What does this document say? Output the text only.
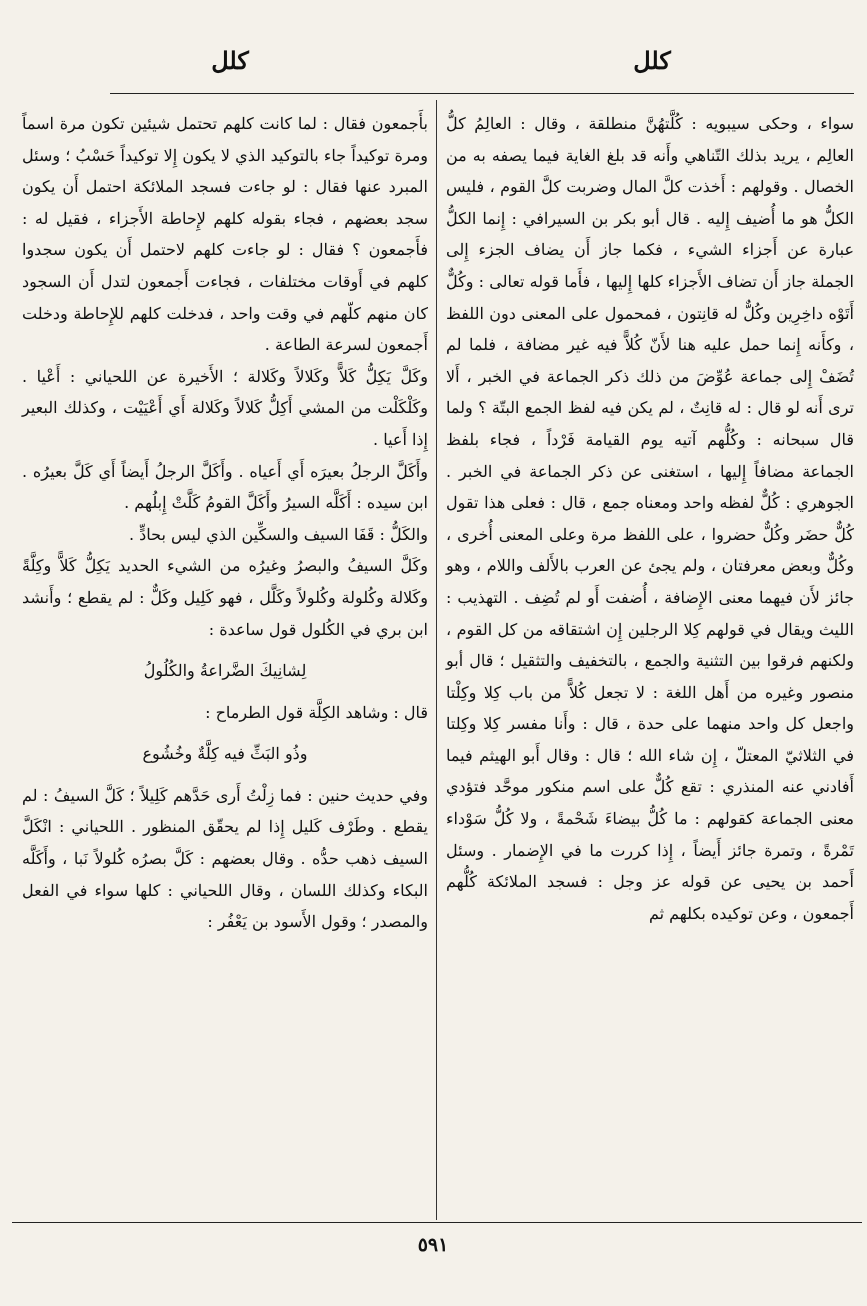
كلل
كلل

سواء ، وحكى سيبويه : كُلَّتهُنَّ منطلقة ، وقال : العالِمُ كلُّ العالِم ، يريد بذلك التّناهي وأَنه قد بلغ الغاية فيما يصفه به من الخصال . وقولهم : أَخذت كلَّ المال وضربت كلَّ القوم ، فليس الكلُّ هو ما أُضيف إِليه . قال أبو بكر بن السيرافي : إِنما الكلُّ عبارة عن أَجزاء الشيء ، فكما جاز أَن يضاف الجزء إِلى الجملة جاز أَن تضاف الأَجزاء كلها إِليها ، فأَما قوله تعالى : وكُلٌّ أَتَوْه داخِرِين وكُلٌّ له قانِتون ، فمحمول على المعنى دون اللفظ ، وكأَنه إِنما حمل عليه هنا لأَنّ كُلاًّ فيه غير مضافة ، فلما لم تُضَفْ إِلى جماعة عُوِّضَ من ذلك ذكر الجماعة في الخبر ، أَلا ترى أَنه لو قال : له قانِتٌ ، لم يكن فيه لفظ الجمع البتّة ؟ ولما قال سبحانه : وكُلُّهم آتيه يوم القيامة فَرْداً ، فجاء بلفظ الجماعة مضافاً إِليها ، استغنى عن ذكر الجماعة في الخبر . الجوهري : كُلٌّ لفظه واحد ومعناه جمع ، قال : فعلى هذا تقول كُلٌّ حضَر وكُلٌّ حضروا ، على اللفظ مرة وعلى المعنى أُخرى ، وكُلٌّ وبعض معرفتان ، ولم يجئ عن العرب بالأَلف واللام ، وهو جائز لأَن فيهما معنى الإِضافة ، أُضفت أَو لم تُضِف . التهذيب : الليث ويقال في قولهم كِلا الرجلين إِن اشتقاقه من كل القوم ، ولكنهم فرقوا بين التثنية والجمع ، بالتخفيف والتثقيل ؛ قال أبو منصور وغيره من أَهل اللغة : لا تجعل كُلاًّ من باب كِلا وكِلْتا واجعل كل واحد منهما على حدة ، قال : وأَنا مفسر كِلا وكِلتا في الثلاثيّ المعتلّ ، إِن شاء الله ؛ قال : وقال أَبو الهيثم فيما أَفادني عنه المنذري : تقع كُلٌّ على اسم منكور موحَّد فتؤدي معنى الجماعة كقولهم : ما كُلُّ بيضاءَ شَحْمةً ، ولا كُلُّ سَوْداء تَمْرةً ، وتمرة جائز أَيضاً ، إِذا كررت ما في الإِضمار . وسئل أَحمد بن يحيى عن قوله عز وجل : فسجد الملائكة كُلُّهم أَجمعون ، وعن توكيده بكلهم ثم

بأَجمعون فقال : لما كانت كلهم تحتمل شيئين تكون مرة اسماً ومرة توكيداً جاء بالتوكيد الذي لا يكون إِلا توكيداً حَسْبُ ؛ وسئل المبرد عنها فقال : لو جاءت فسجد الملائكة احتمل أَن يكون سجد بعضهم ، فجاء بقوله كلهم لإِحاطة الأَجزاء ، فقيل له : فأَجمعون ؟ فقال : لو جاءت كلهم لاحتمل أَن يكون سجدوا كلهم في أَوقات مختلفات ، فجاءت أَجمعون لتدل أَن السجود كان منهم كلّهم في وقت واحد ، فدخلت كلهم للإِحاطة ودخلت أَجمعون لسرعة الطاعة .

وكَلَّ يَكِلُّ كَلاًّ وكَلالاً وكَلالة ؛ الأَخيرة عن اللحياني : أَعْيا . وكَلْكَلْت من المشي أَكِلُّ كَلالاً وكَلالة أَي أَعْيَيْت ، وكذلك البعير إِذا أَعيا .

وأَكَلَّ الرجلُ بعيرَه أَي أَعياه . وأَكَلَّ الرجلُ أَيضاً أَي كَلَّ بعيرُه . ابن سيده : أَكَلَّه السيرُ وأَكَلَّ القومُ كَلَّتْ إِبلُهم .

والكَلُّ : قَفَا السيف والسكِّين الذي ليس بحادٍّ .

وكَلَّ السيفُ والبصرُ وغيرُه من الشيء الحديد يَكِلُّ كَلاًّ وكِلَّةً وكَلالة وكُلولة وكُلولاً وكَلَّل ، فهو كَلِيل وكَلٌّ : لم يقطع ؛ وأَنشد ابن بري في الكُلول قول ساعدة :

لِشانِيكَ الضَّراعةُ والكُلُولُ

قال : وشاهد الكِلَّة قول الطرماح :

وذُو البَثِّ فيه كِلَّةٌ وخُشُوع

وفي حديث حنين : فما زِلْتُ أَرى حَدَّهم كَلِيلاً ؛ كَلَّ السيفُ : لم يقطع . وطَرْف كَليل إِذا لم يحقّق المنظور . اللحياني : انْكَلَّ السيف ذهب حدُّه . وقال بعضهم : كَلَّ بصرُه كُلولاً نَبا ، وأَكَلَّه البكاء وكذلك اللسان ، وقال اللحياني : كلها سواء في الفعل والمصدر ؛ وقول الأَسود بن يَعْفُر :

٥٩١
